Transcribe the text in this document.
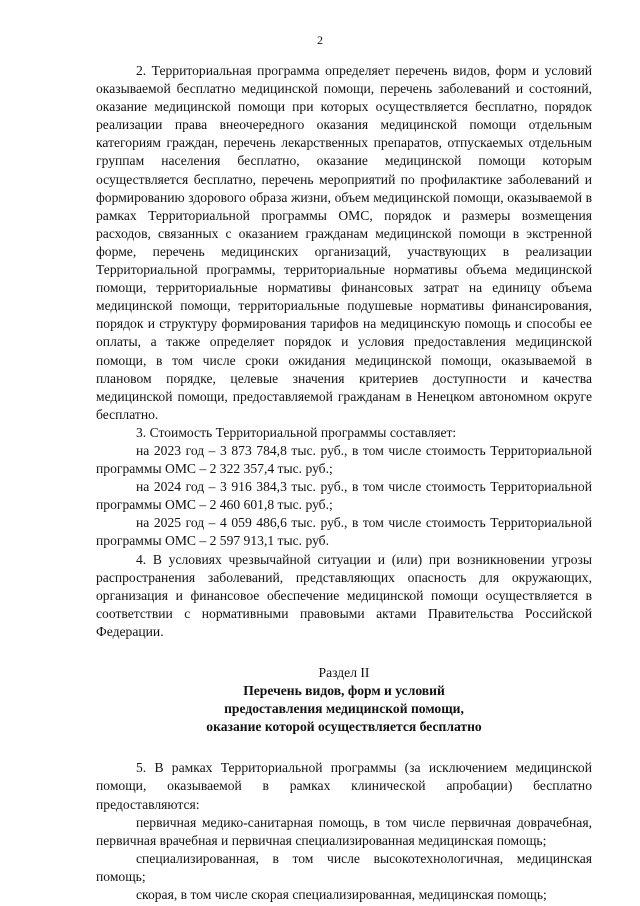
2

2. Территориальная программа определяет перечень видов, форм и условий оказываемой бесплатно медицинской помощи, перечень заболеваний и состояний, оказание медицинской помощи при которых осуществляется бесплатно, порядок реализации права внеочередного оказания медицинской помощи отдельным категориям граждан, перечень лекарственных препаратов, отпускаемых отдельным группам населения бесплатно, оказание медицинской помощи которым осуществляется бесплатно, перечень мероприятий по профилактике заболеваний и формированию здорового образа жизни, объем медицинской помощи, оказываемой в рамках Территориальной программы ОМС, порядок и размеры возмещения расходов, связанных с оказанием гражданам медицинской помощи в экстренной форме, перечень медицинских организаций, участвующих в реализации Территориальной программы, территориальные нормативы объема медицинской помощи, территориальные нормативы финансовых затрат на единицу объема медицинской помощи, территориальные подушевые нормативы финансирования, порядок и структуру формирования тарифов на медицинскую помощь и способы ее оплаты, а также определяет порядок и условия предоставления медицинской помощи, в том числе сроки ожидания медицинской помощи, оказываемой в плановом порядке, целевые значения критериев доступности и качества медицинской помощи, предоставляемой гражданам в Ненецком автономном округе бесплатно.

3. Стоимость Территориальной программы составляет:

на 2023 год – 3 873 784,8 тыс. руб., в том числе стоимость Территориальной программы ОМС – 2 322 357,4 тыс. руб.;

на 2024 год – 3 916 384,3 тыс. руб., в том числе стоимость Территориальной программы ОМС – 2 460 601,8 тыс. руб.;

на 2025 год – 4 059 486,6 тыс. руб., в том числе стоимость Территориальной программы ОМС – 2 597 913,1 тыс. руб.

4. В условиях чрезвычайной ситуации и (или) при возникновении угрозы распространения заболеваний, представляющих опасность для окружающих, организация и финансовое обеспечение медицинской помощи осуществляется в соответствии с нормативными правовыми актами Правительства Российской Федерации.

Раздел II
Перечень видов, форм и условий
предоставления медицинской помощи,
оказание которой осуществляется бесплатно

5. В рамках Территориальной программы (за исключением медицинской помощи, оказываемой в рамках клинической апробации) бесплатно предоставляются:

первичная медико-санитарная помощь, в том числе первичная доврачебная, первичная врачебная и первичная специализированная медицинская помощь;

специализированная, в том числе высокотехнологичная, медицинская помощь;

скорая, в том числе скорая специализированная, медицинская помощь;
